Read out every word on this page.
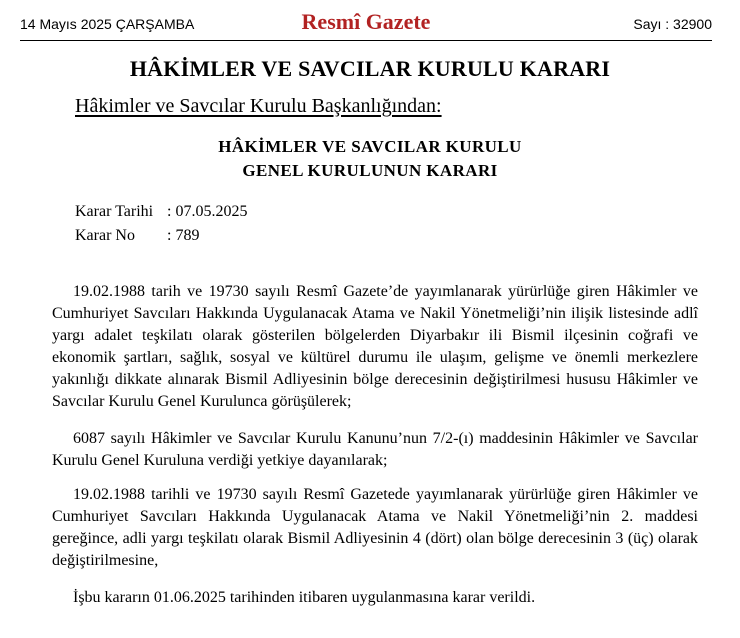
14 Mayıs 2025 ÇARŞAMBA	Resmî Gazete	Sayı : 32900
HÂKİMLER VE SAVCILAR KURULU KARARI
Hâkimler ve Savcılar Kurulu Başkanlığından:
HÂKİMLER VE SAVCILAR KURULU
GENEL KURULUNUN KARARI
Karar Tarihi : 07.05.2025
Karar No : 789

19.02.1988 tarih ve 19730 sayılı Resmî Gazete’de yayımlanarak yürürlüğe giren Hâkimler ve Cumhuriyet Savcıları Hakkında Uygulanacak Atama ve Nakil Yönetmeliği’nin ilişik listesinde adlî yargı adalet teşkilatı olarak gösterilen bölgelerden Diyarbakır ili Bismil ilçesinin coğrafi ve ekonomik şartları, sağlık, sosyal ve kültürel durumu ile ulaşım, gelişme ve önemli merkezlere yakınlığı dikkate alınarak Bismil Adliyesinin bölge derecesinin değiştirilmesi hususu Hâkimler ve Savcılar Kurulu Genel Kurulunca görüşülerek;

6087 sayılı Hâkimler ve Savcılar Kurulu Kanunu’nun 7/2-(ı) maddesinin Hâkimler ve Savcılar Kurulu Genel Kuruluna verdiği yetkiye dayanılarak;

19.02.1988 tarihli ve 19730 sayılı Resmî Gazetede yayımlanarak yürürlüğe giren Hâkimler ve Cumhuriyet Savcıları Hakkında Uygulanacak Atama ve Nakil Yönetmeliği’nin 2. maddesi gereğince, adli yargı teşkilatı olarak Bismil Adliyesinin 4 (dört) olan bölge derecesinin 3 (üç) olarak değiştirilmesine,

İşbu kararın 01.06.2025 tarihinden itibaren uygulanmasına karar verildi.
